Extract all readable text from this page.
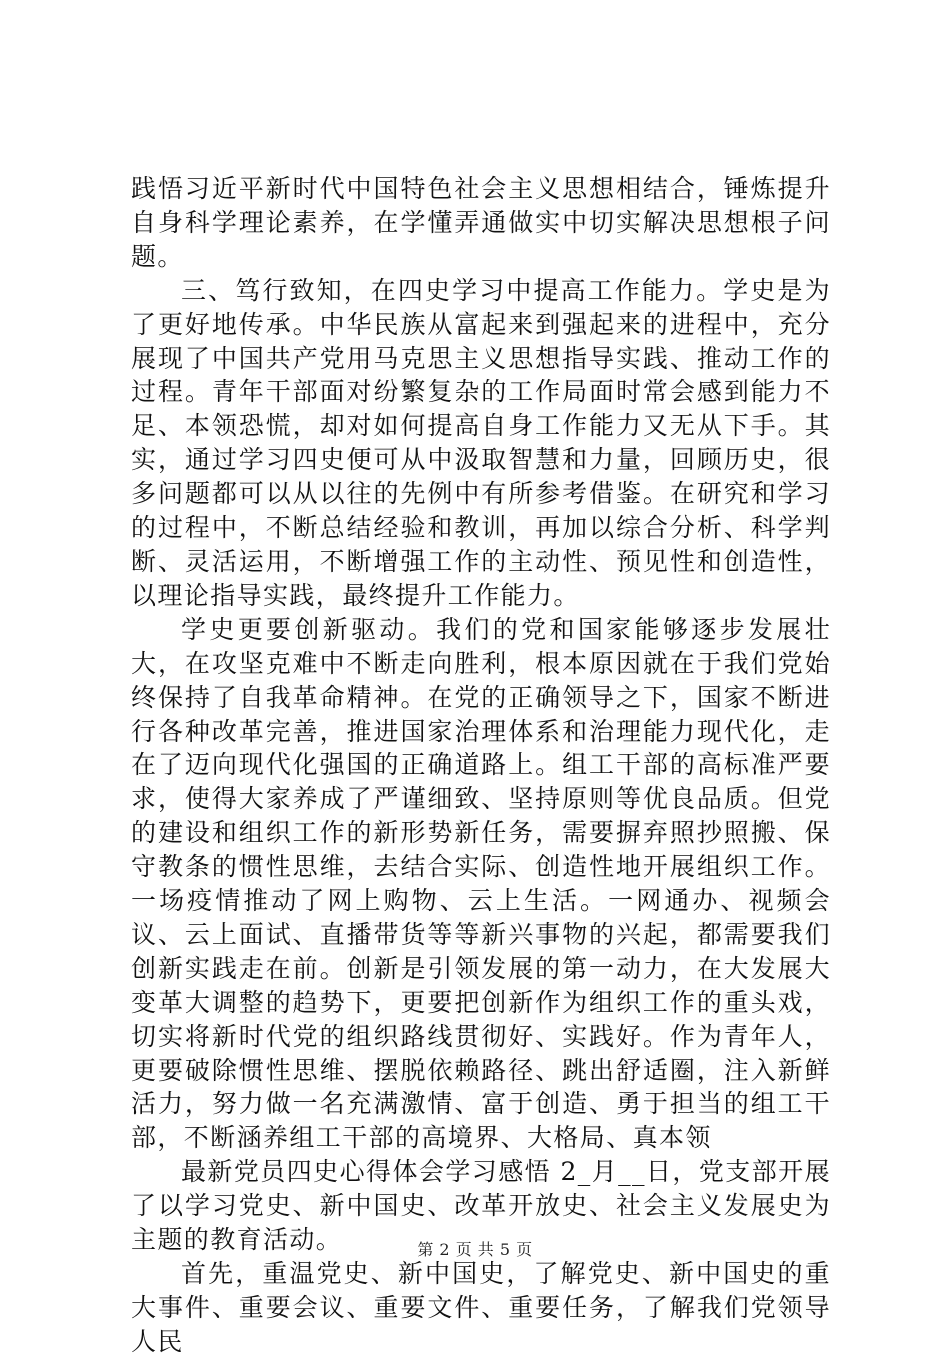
践悟习近平新时代中国特色社会主义思想相结合，锤炼提升自身科学理论素养，在学懂弄通做实中切实解决思想根子问题。

三、笃行致知，在四史学习中提高工作能力。学史是为了更好地传承。中华民族从富起来到强起来的进程中，充分展现了中国共产党用马克思主义思想指导实践、推动工作的过程。青年干部面对纷繁复杂的工作局面时常会感到能力不足、本领恐慌，却对如何提高自身工作能力又无从下手。其实，通过学习四史便可从中汲取智慧和力量，回顾历史，很多问题都可以从以往的先例中有所参考借鉴。在研究和学习的过程中，不断总结经验和教训，再加以综合分析、科学判断、灵活运用，不断增强工作的主动性、预见性和创造性，以理论指导实践，最终提升工作能力。

学史更要创新驱动。我们的党和国家能够逐步发展壮大，在攻坚克难中不断走向胜利，根本原因就在于我们党始终保持了自我革命精神。在党的正确领导之下，国家不断进行各种改革完善，推进国家治理体系和治理能力现代化，走在了迈向现代化强国的正确道路上。组工干部的高标准严要求，使得大家养成了严谨细致、坚持原则等优良品质。但党的建设和组织工作的新形势新任务，需要摒弃照抄照搬、保守教条的惯性思维，去结合实际、创造性地开展组织工作。一场疫情推动了网上购物、云上生活。一网通办、视频会议、云上面试、直播带货等等新兴事物的兴起，都需要我们创新实践走在前。创新是引领发展的第一动力，在大发展大变革大调整的趋势下，更要把创新作为组织工作的重头戏，切实将新时代党的组织路线贯彻好、实践好。作为青年人，更要破除惯性思维、摆脱依赖路径、跳出舒适圈，注入新鲜活力，努力做一名充满激情、富于创造、勇于担当的组工干部，不断涵养组工干部的高境界、大格局、真本领

最新党员四史心得体会学习感悟 2_月__日，党支部开展了以学习党史、新中国史、改革开放史、社会主义发展史为主题的教育活动。

首先，重温党史、新中国史，了解党史、新中国史的重大事件、重要会议、重要文件、重要任务，了解我们党领导人民

第 2 页 共 5 页
